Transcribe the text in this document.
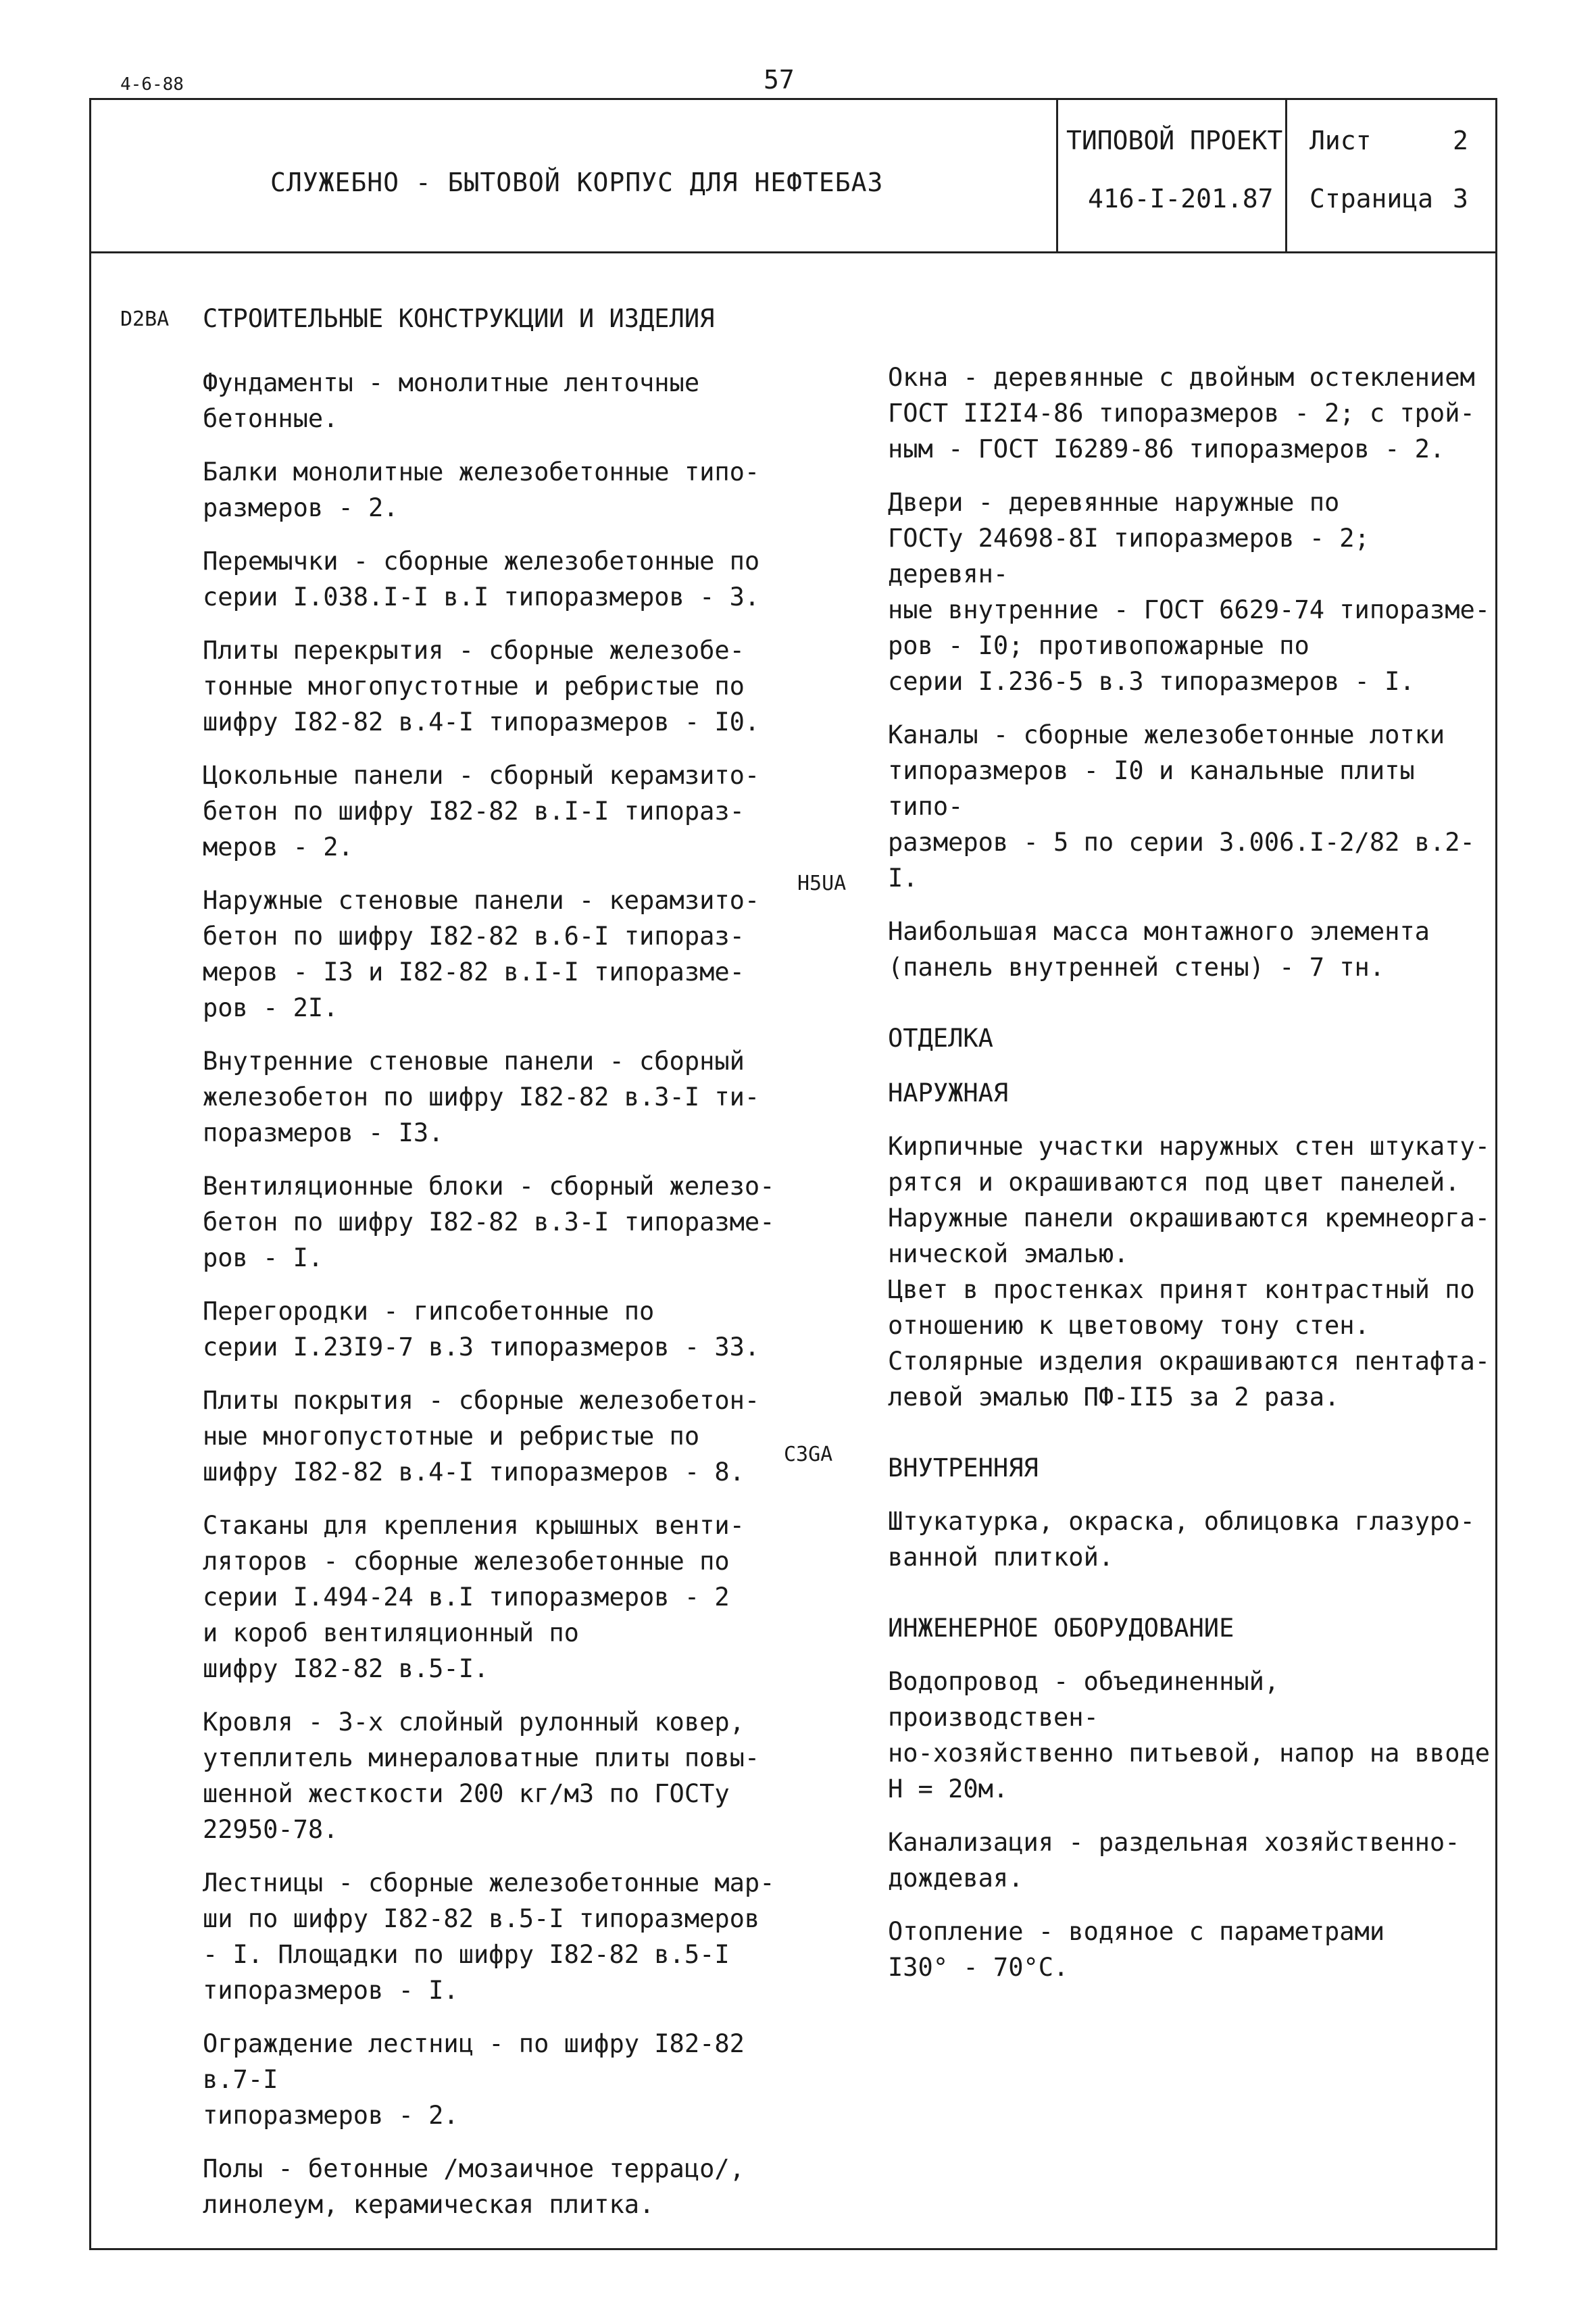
4-6-88	57
СЛУЖЕБНО - БЫТОВОЙ КОРПУС ДЛЯ НЕФТЕБАЗ
ТИПОВОЙ ПРОЕКТ
416-I-201.87
Лист	2
Страница 3
D2BA СТРОИТЕЛЬНЫЕ КОНСТРУКЦИИ И ИЗДЕЛИЯ

Фундаменты - монолитные ленточные
бетонные.

Балки монолитные железобетонные типо-
размеров - 2.

Перемычки - сборные железобетонные по
серии I.038.I-I в.I типоразмеров - 3.

Плиты перекрытия - сборные железобе-
тонные многопустотные и ребристые по
шифру I82-82 в.4-I типоразмеров - I0.

Цокольные панели - сборный керамзито-
бетон по шифру I82-82 в.I-I типораз-
меров - 2.

Наружные стеновые панели - керамзито-
бетон по шифру I82-82 в.6-I типораз-
меров - I3 и I82-82 в.I-I типоразме-
ров - 2I.

Внутренние стеновые панели - сборный
железобетон по шифру I82-82 в.3-I ти-
поразмеров - I3.

Вентиляционные блоки - сборный железо-
бетон по шифру I82-82 в.3-I типоразме-
ров - I.

Перегородки - гипсобетонные по
серии I.23I9-7 в.3 типоразмеров - 33.

Плиты покрытия - сборные железобетон-
ные многопустотные и ребристые по
шифру I82-82 в.4-I типоразмеров - 8.

Стаканы для крепления крышных венти-
ляторов - сборные железобетонные по
серии I.494-24 в.I типоразмеров - 2
и короб вентиляционный по
шифру I82-82 в.5-I.

Кровля - 3-х слойный рулонный ковер,
утеплитель минераловатные плиты повы-
шенной жесткости 200 кг/м3 по ГОСТу
22950-78.

Лестницы - сборные железобетонные мар-
ши по шифру I82-82 в.5-I типоразмеров
- I. Площадки по шифру I82-82 в.5-I
типоразмеров - I.

Ограждение лестниц - по шифру I82-82 в.7-I
типоразмеров - 2.

Полы - бетонные /мозаичное террацо/,
линолеум, керамическая плитка.

H5UA
C3GA

Окна - деревянные с двойным остеклением
ГОСТ II2I4-86 типоразмеров - 2; с трой-
ным - ГОСТ I6289-86 типоразмеров - 2.

Двери - деревянные наружные по
ГОСТу 24698-8I типоразмеров - 2; деревян-
ные внутренние - ГОСТ 6629-74 типоразме-
ров - I0; противопожарные по
серии I.236-5 в.3 типоразмеров - I.

Каналы - сборные железобетонные лотки
типоразмеров - I0 и канальные плиты типо-
размеров - 5 по серии 3.006.I-2/82 в.2-I.

Наибольшая масса монтажного элемента
(панель внутренней стены) - 7 тн.

ОТДЕЛКА
НАРУЖНАЯ

Кирпичные участки наружных стен штукату-
рятся и окрашиваются под цвет панелей.
Наружные панели окрашиваются кремнеорга-
нической эмалью.
Цвет в простенках принят контрастный по
отношению к цветовому тону стен.
Столярные изделия окрашиваются пентафта-
левой эмалью ПФ-II5 за 2 раза.

ВНУТРЕННЯЯ

Штукатурка, окраска, облицовка глазуро-
ванной плиткой.

ИНЖЕНЕРНОЕ ОБОРУДОВАНИЕ

Водопровод - объединенный, производствен-
но-хозяйственно питьевой, напор на вводе
Н = 20м.

Канализация - раздельная хозяйственно-
дождевая.

Отопление - водяное с параметрами
I30° - 70°С.
